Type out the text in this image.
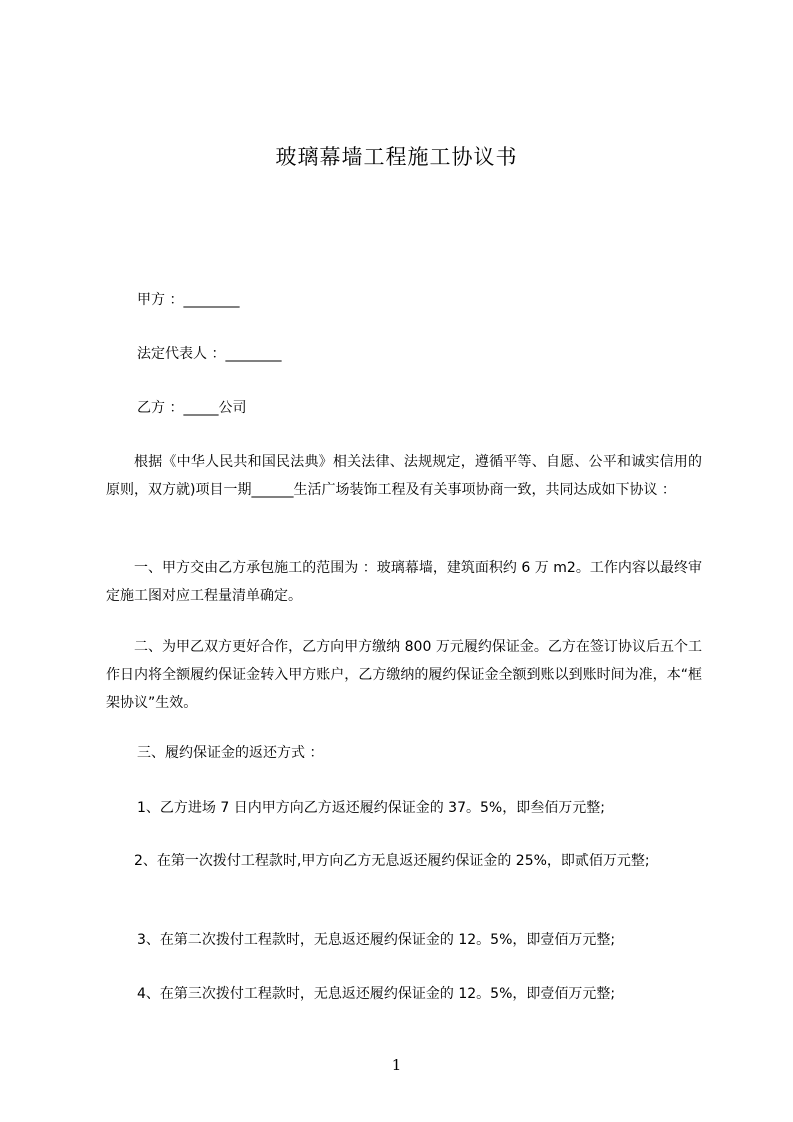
玻璃幕墙工程施工协议书
甲方 ：________
法定代表人 ：________
乙方 ：_____公司
根据《中华人民共和国民法典》相关法律、法规规定，遵循平等、自愿、公平和诚实信用的原则，双方就)项目一期______生活广场装饰工程及有关事项协商一致，共同达成如下协议 ：
一、甲方交由乙方承包施工的范围为 ：玻璃幕墙，建筑面积约 6 万 m2。工作内容以最终审定施工图对应工程量清单确定。
二、为甲乙双方更好合作，乙方向甲方缴纳 800 万元履约保证金。乙方在签订协议后五个工作日内将全额履约保证金转入甲方账户，乙方缴纳的履约保证金全额到账以到账时间为准，本“框架协议”生效。
三、履约保证金的返还方式 ：
1、乙方进场 7 日内甲方向乙方返还履约保证金的 37。5%，即叁佰万元整;
2、在第一次拨付工程款时,甲方向乙方无息返还履约保证金的 25%，即贰佰万元整;
3、在第二次拨付工程款时，无息返还履约保证金的 12。5%，即壹佰万元整;
4、在第三次拨付工程款时，无息返还履约保证金的 12。5%，即壹佰万元整;
1
